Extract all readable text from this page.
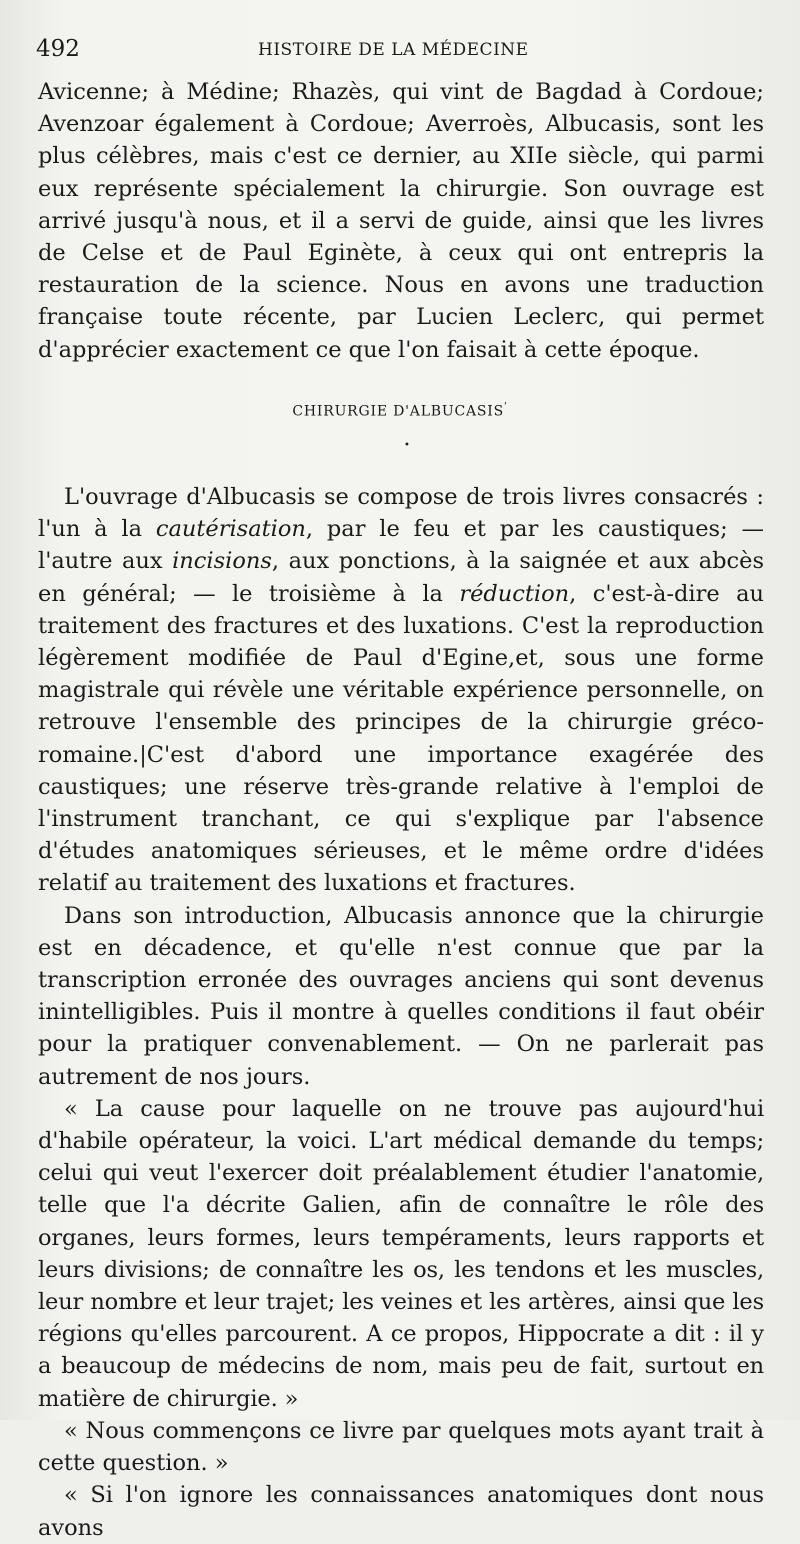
492	HISTOIRE DE LA MÉDECINE

Avicenne; à Médine; Rhazès, qui vint de Bagdad à Cordoue; Avenzoar également à Cordoue; Averroès, Albucasis, sont les plus célèbres, mais c'est ce dernier, au XIIe siècle, qui parmi eux représente spécialement la chirurgie. Son ouvrage est arrivé jusqu'à nous, et il a servi de guide, ainsi que les livres de Celse et de Paul Eginète, à ceux qui ont entrepris la restauration de la science. Nous en avons une traduction française toute récente, par Lucien Leclerc, qui permet d'apprécier exactement ce que l'on faisait à cette époque.

CHIRURGIE $D'ALBUCASIS^ʹ$
•

L'ouvrage d'Albucasis se compose de trois livres consacrés : l'un à la cautérisation, par le feu et par les caustiques; — l'autre aux incisions, aux ponctions, à la saignée et aux abcès en général; — le troisième à la réduction, c'est-à-dire au traitement des fractures et des luxations. C'est la reproduction légèrement modifiée de Paul d'Egine,et, sous une forme magistrale qui révèle une véritable expérience personnelle, on retrouve l'ensemble des principes de la chirurgie gréco-romaine.|C'est d'abord une importance exagérée des caustiques; une réserve très-grande relative à l'emploi de l'instrument tranchant, ce qui s'explique par l'absence d'études anatomiques sérieuses, et le même ordre d'idées relatif au traitement des luxations et fractures.

Dans son introduction, Albucasis annonce que la chirurgie est en décadence, et qu'elle n'est connue que par la transcription erronée des ouvrages anciens qui sont devenus inintelligibles. Puis il montre à quelles conditions il faut obéir pour la pratiquer convenablement. — On ne parlerait pas autrement de nos jours.

« La cause pour laquelle on ne trouve pas aujourd'hui d'habile opérateur, la voici. L'art médical demande du temps; celui qui veut l'exercer doit préalablement étudier l'anatomie, telle que l'a décrite Galien, afin de connaître le rôle des organes, leurs formes, leurs tempéraments, leurs rapports et leurs divisions; de connaître les os, les tendons et les muscles, leur nombre et leur trajet; les veines et les artères, ainsi que les régions qu'elles parcourent. A ce propos, Hippocrate a dit : il y a beaucoup de médecins de nom, mais peu de fait, surtout en matière de chirurgie. »

« Nous commençons ce livre par quelques mots ayant trait à cette question. »

« Si l'on ignore les connaissances anatomiques dont nous avons
